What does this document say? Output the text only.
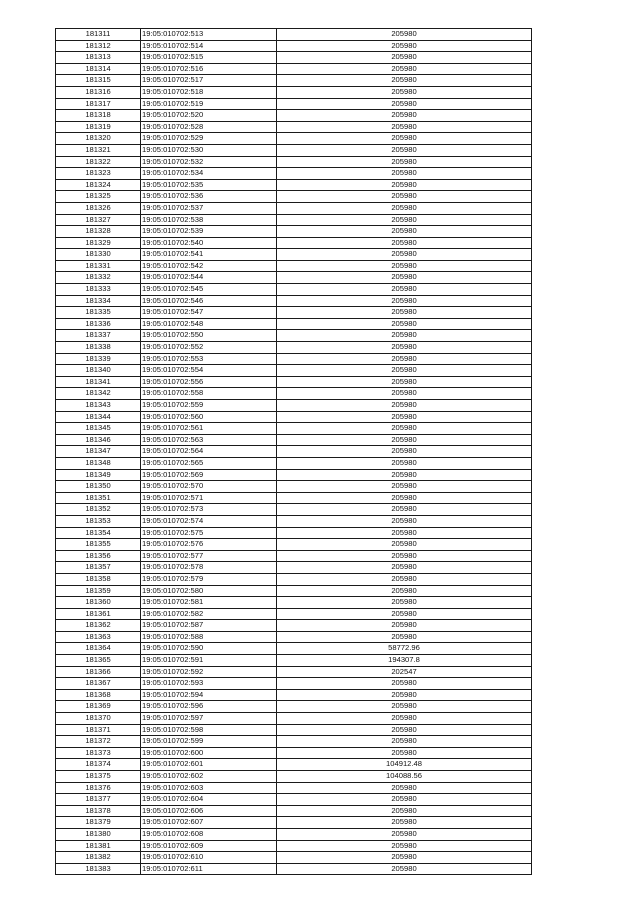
181311	19:05:010702:513	205980
181312	19:05:010702:514	205980
181313	19:05:010702:515	205980
181314	19:05:010702:516	205980
181315	19:05:010702:517	205980
181316	19:05:010702:518	205980
181317	19:05:010702:519	205980
181318	19:05:010702:520	205980
181319	19:05:010702:528	205980
181320	19:05:010702:529	205980
181321	19:05:010702:530	205980
181322	19:05:010702:532	205980
181323	19:05:010702:534	205980
181324	19:05:010702:535	205980
181325	19:05:010702:536	205980
181326	19:05:010702:537	205980
181327	19:05:010702:538	205980
181328	19:05:010702:539	205980
181329	19:05:010702:540	205980
181330	19:05:010702:541	205980
181331	19:05:010702:542	205980
181332	19:05:010702:544	205980
181333	19:05:010702:545	205980
181334	19:05:010702:546	205980
181335	19:05:010702:547	205980
181336	19:05:010702:548	205980
181337	19:05:010702:550	205980
181338	19:05:010702:552	205980
181339	19:05:010702:553	205980
181340	19:05:010702:554	205980
181341	19:05:010702:556	205980
181342	19:05:010702:558	205980
181343	19:05:010702:559	205980
181344	19:05:010702:560	205980
181345	19:05:010702:561	205980
181346	19:05:010702:563	205980
181347	19:05:010702:564	205980
181348	19:05:010702:565	205980
181349	19:05:010702:569	205980
181350	19:05:010702:570	205980
181351	19:05:010702:571	205980
181352	19:05:010702:573	205980
181353	19:05:010702:574	205980
181354	19:05:010702:575	205980
181355	19:05:010702:576	205980
181356	19:05:010702:577	205980
181357	19:05:010702:578	205980
181358	19:05:010702:579	205980
181359	19:05:010702:580	205980
181360	19:05:010702:581	205980
181361	19:05:010702:582	205980
181362	19:05:010702:587	205980
181363	19:05:010702:588	205980
181364	19:05:010702:590	58772.96
181365	19:05:010702:591	194307.8
181366	19:05:010702:592	202547
181367	19:05:010702:593	205980
181368	19:05:010702:594	205980
181369	19:05:010702:596	205980
181370	19:05:010702:597	205980
181371	19:05:010702:598	205980
181372	19:05:010702:599	205980
181373	19:05:010702:600	205980
181374	19:05:010702:601	104912.48
181375	19:05:010702:602	104088.56
181376	19:05:010702:603	205980
181377	19:05:010702:604	205980
181378	19:05:010702:606	205980
181379	19:05:010702:607	205980
181380	19:05:010702:608	205980
181381	19:05:010702:609	205980
181382	19:05:010702:610	205980
181383	19:05:010702:611	205980
